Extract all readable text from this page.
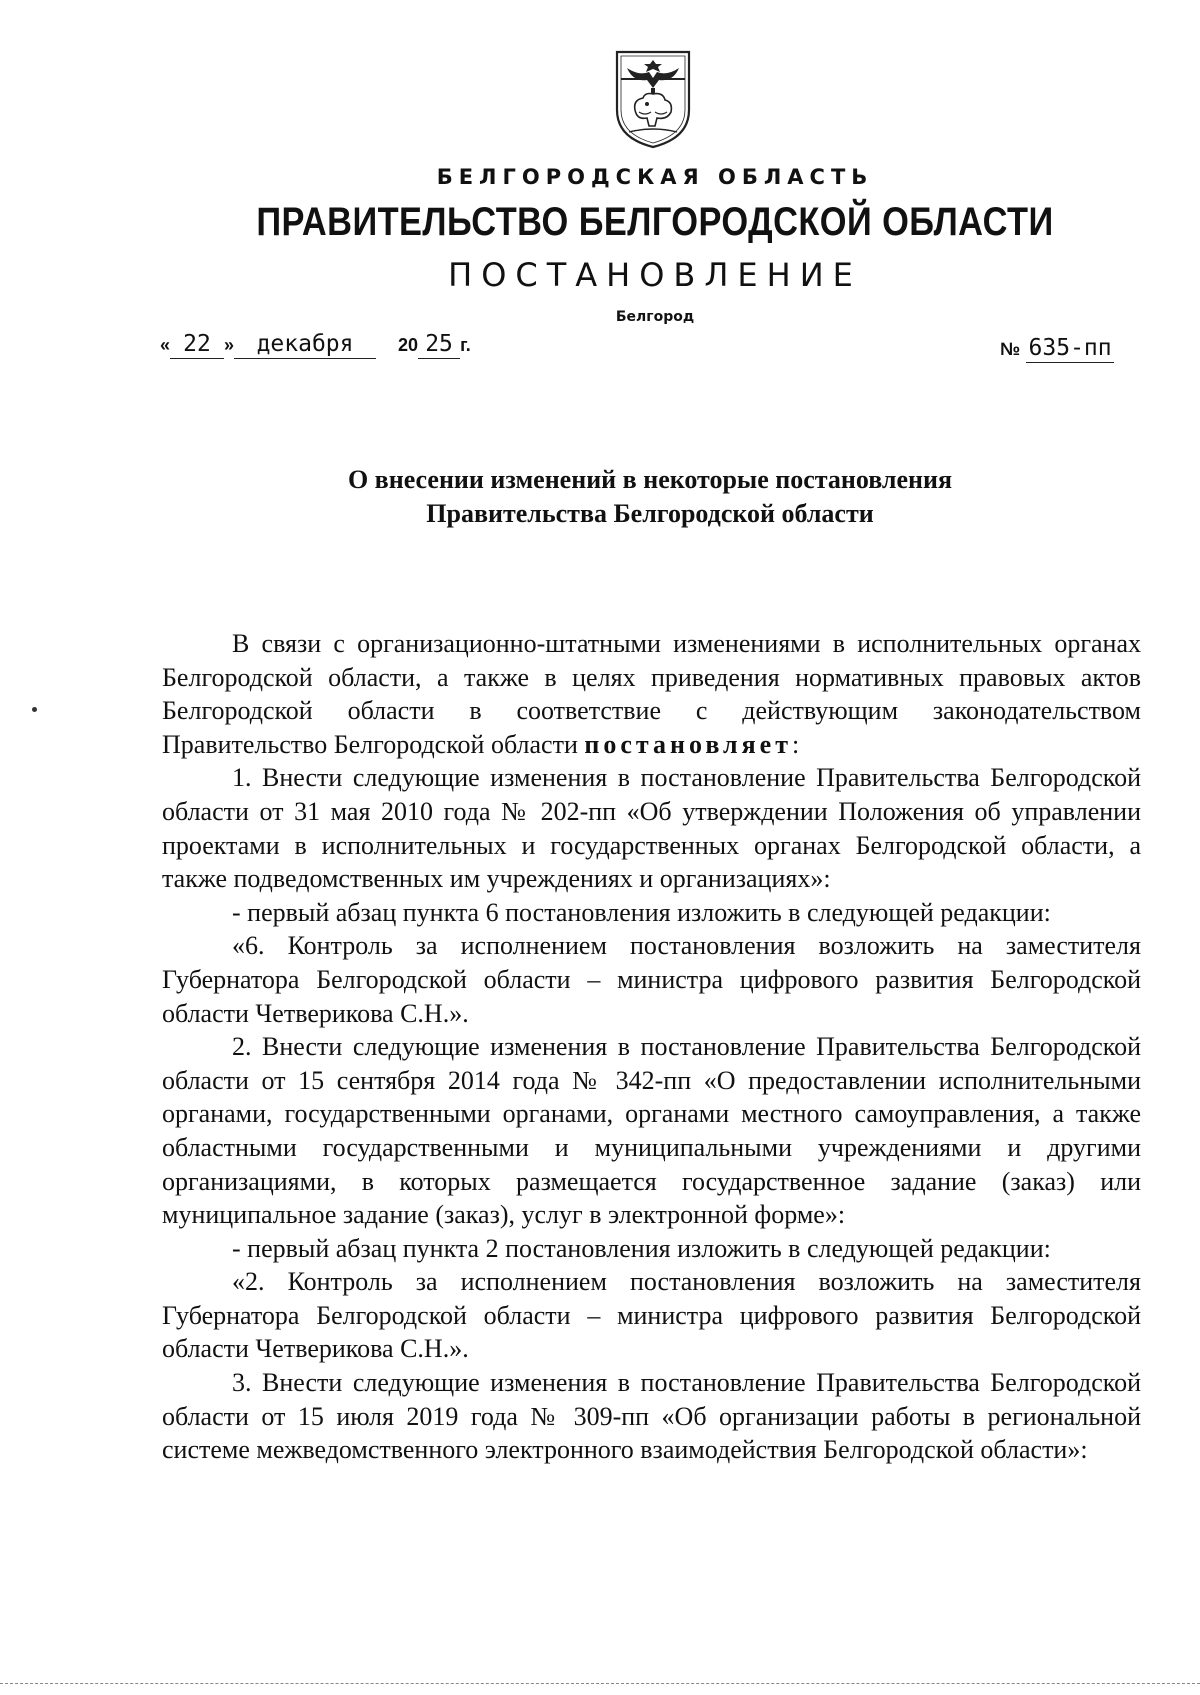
БЕЛГОРОДСКАЯ ОБЛАСТЬ
ПРАВИТЕЛЬСТВО БЕЛГОРОДСКОЙ ОБЛАСТИ
ПОСТАНОВЛЕНИЕ
Белгород
« 22 » декабря 20 25 г.	№ 635-пп
О внесении изменений в некоторые постановления
Правительства Белгородской области

В связи с организационно-штатными изменениями в исполнительных органах Белгородской области, а также в целях приведения нормативных правовых актов Белгородской области в соответствие с действующим законодательством Правительство Белгородской области постановляет:

1. Внести следующие изменения в постановление Правительства Белгородской области от 31 мая 2010 года № 202-пп «Об утверждении Положения об управлении проектами в исполнительных и государственных органах Белгородской области, а также подведомственных им учреждениях и организациях»:

- первый абзац пункта 6 постановления изложить в следующей редакции:

«6. Контроль за исполнением постановления возложить на заместителя Губернатора Белгородской области – министра цифрового развития Белгородской области Четверикова С.Н.».

2. Внести следующие изменения в постановление Правительства Белгородской области от 15 сентября 2014 года № 342-пп «О предоставлении исполнительными органами, государственными органами, органами местного самоуправления, а также областными государственными и муниципальными учреждениями и другими организациями, в которых размещается государственное задание (заказ) или муниципальное задание (заказ), услуг в электронной форме»:

- первый абзац пункта 2 постановления изложить в следующей редакции:

«2. Контроль за исполнением постановления возложить на заместителя Губернатора Белгородской области – министра цифрового развития Белгородской области Четверикова С.Н.».

3. Внести следующие изменения в постановление Правительства Белгородской области от 15 июля 2019 года № 309-пп «Об организации работы в региональной системе межведомственного электронного взаимодействия Белгородской области»:
